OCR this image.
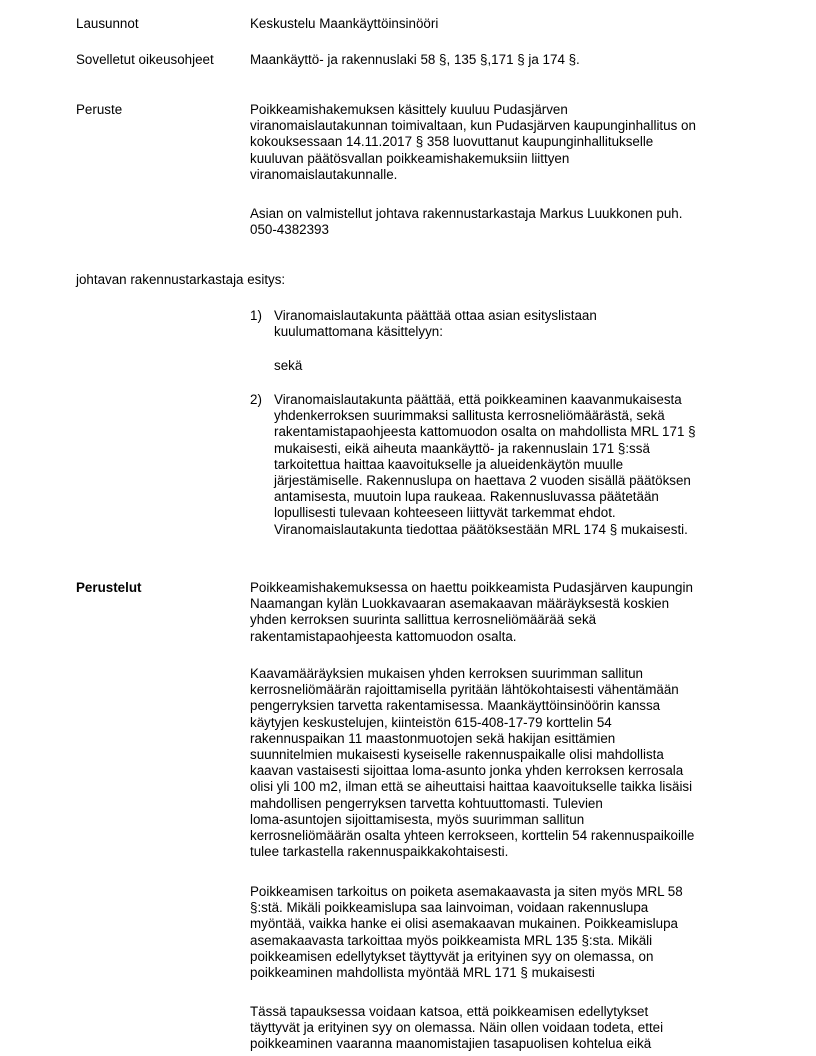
Lausunnot	Keskustelu Maankäyttöinsinööri

Sovelletut oikeusohjeet	Maankäyttö- ja rakennuslaki 58 §, 135 §,171 § ja 174 §.

Peruste	Poikkeamishakemuksen käsittely kuuluu Pudasjärven
viranomaislautakunnan toimivaltaan, kun Pudasjärven kaupunginhallitus on
kokouksessaan 14.11.2017 § 358 luovuttanut kaupunginhallitukselle
kuuluvan päätösvallan poikkeamishakemuksiin liittyen
viranomaislautakunnalle.

Asian on valmistellut johtava rakennustarkastaja Markus Luukkonen puh.
050-4382393

johtavan rakennustarkastaja esitys:

1) Viranomaislautakunta päättää ottaa asian esityslistaan
kuulumattomana käsittelyyn:

sekä

2) Viranomaislautakunta päättää, että poikkeaminen kaavanmukaisesta
yhdenkerroksen suurimmaksi sallitusta kerrosneliömäärästä, sekä
rakentamistapaohjeesta kattomuodon osalta on mahdollista MRL 171 §
mukaisesti, eikä aiheuta maankäyttö- ja rakennuslain 171 §:ssä
tarkoitettua haittaa kaavoitukselle ja alueidenkäytön muulle
järjestämiselle. Rakennuslupa on haettava 2 vuoden sisällä päätöksen
antamisesta, muutoin lupa raukeaa. Rakennusluvassa päätetään
lopullisesti tulevaan kohteeseen liittyvät tarkemmat ehdot.
Viranomaislautakunta tiedottaa päätöksestään MRL 174 § mukaisesti.

Perustelut	Poikkeamishakemuksessa on haettu poikkeamista Pudasjärven kaupungin
Naamangan kylän Luokkavaaran asemakaavan määräyksestä koskien
yhden kerroksen suurinta sallittua kerrosneliömäärää sekä
rakentamistapaohjeesta kattomuodon osalta.

Kaavamääräyksien mukaisen yhden kerroksen suurimman sallitun
kerrosneliömäärän rajoittamisella pyritään lähtökohtaisesti vähentämään
pengerryksien tarvetta rakentamisessa. Maankäyttöinsinöörin kanssa
käytyjen keskustelujen, kiinteistön 615-408-17-79 korttelin 54
rakennuspaikan 11 maastonmuotojen sekä hakijan esittämien
suunnitelmien mukaisesti kyseiselle rakennuspaikalle olisi mahdollista
kaavan vastaisesti sijoittaa loma-asunto jonka yhden kerroksen kerrosala
olisi yli 100 m2, ilman että se aiheuttaisi haittaa kaavoitukselle taikka lisäisi
mahdollisen pengerryksen tarvetta kohtuuttomasti. Tulevien
loma-asuntojen sijoittamisesta, myös suurimman sallitun
kerrosneliömäärän osalta yhteen kerrokseen, korttelin 54 rakennuspaikoille
tulee tarkastella rakennuspaikkakohtaisesti.

Poikkeamisen tarkoitus on poiketa asemakaavasta ja siten myös MRL 58
§:stä. Mikäli poikkeamislupa saa lainvoiman, voidaan rakennuslupa
myöntää, vaikka hanke ei olisi asemakaavan mukainen. Poikkeamislupa
asemakaavasta tarkoittaa myös poikkeamista MRL 135 §:sta. Mikäli
poikkeamisen edellytykset täyttyvät ja erityinen syy on olemassa, on
poikkeaminen mahdollista myöntää MRL 171 § mukaisesti

Tässä tapauksessa voidaan katsoa, että poikkeamisen edellytykset
täyttyvät ja erityinen syy on olemassa. Näin ollen voidaan todeta, ettei
poikkeaminen vaaranna maanomistajien tasapuolisen kohtelua eikä
